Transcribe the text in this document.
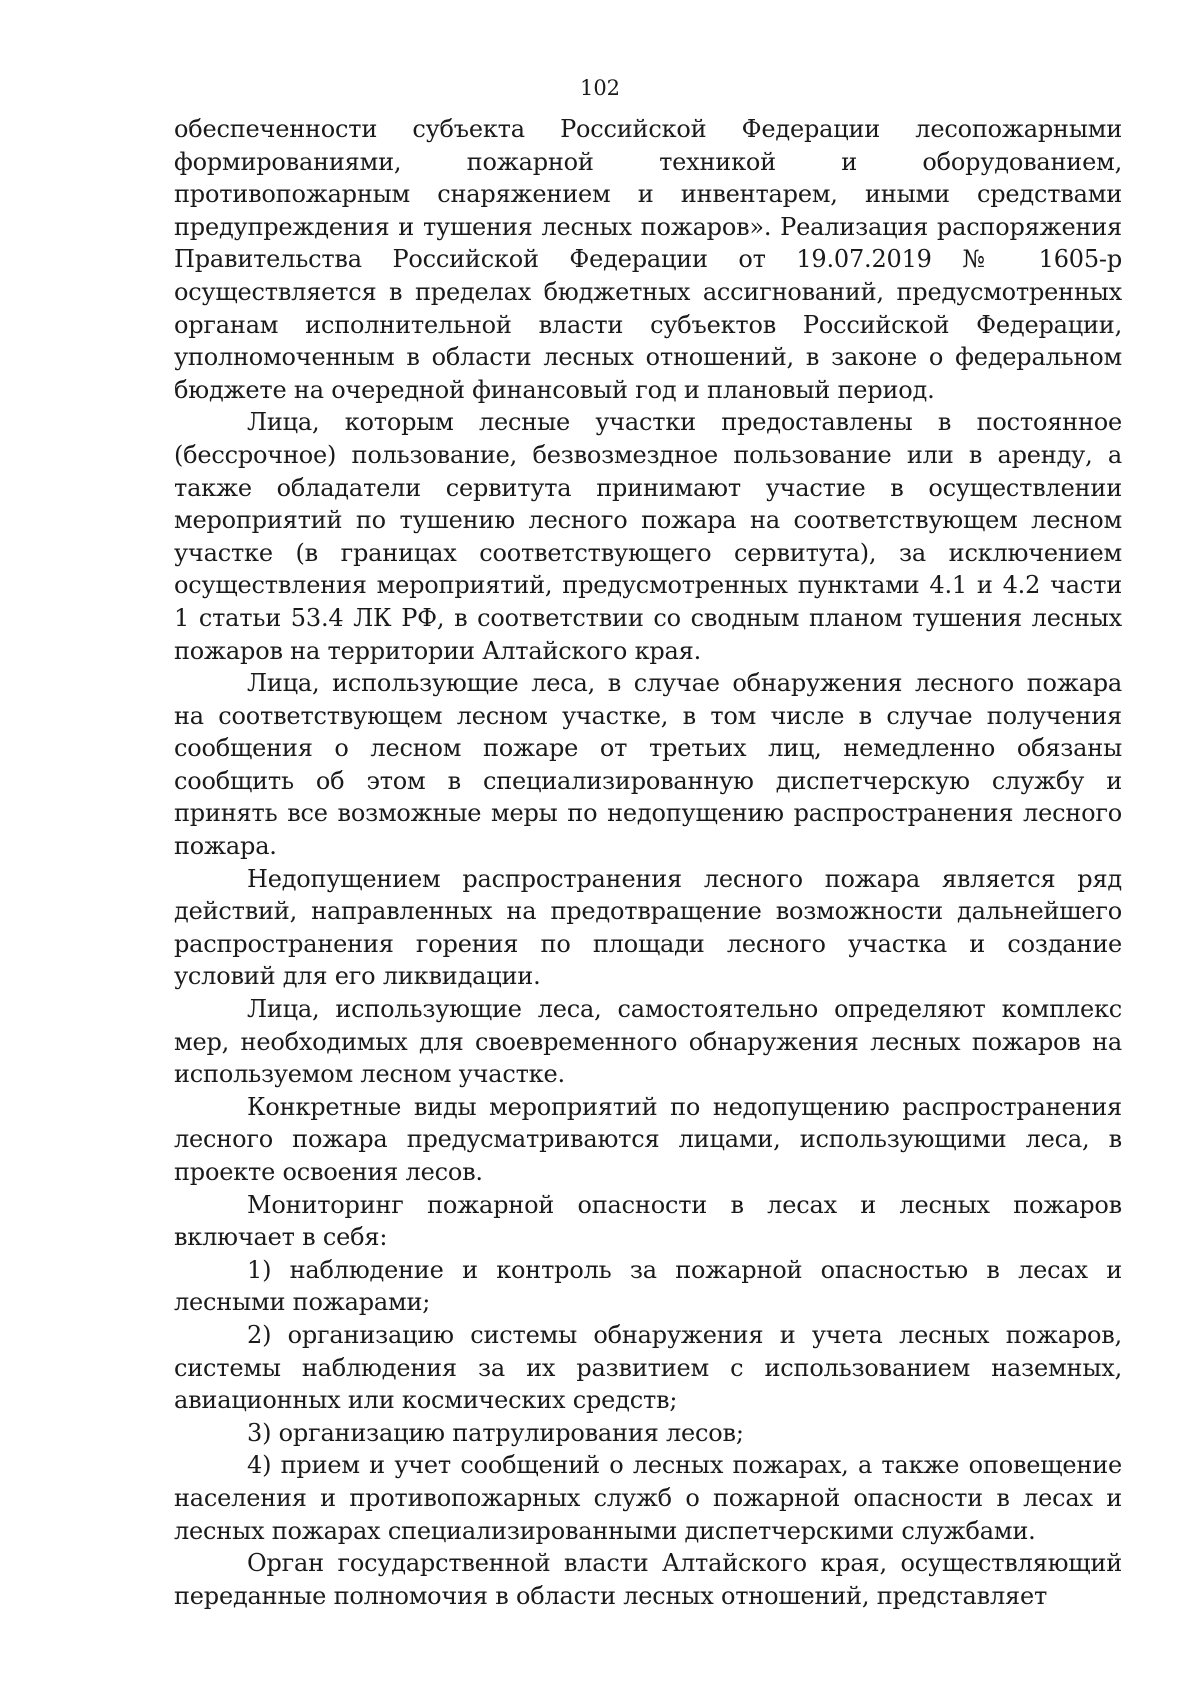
102

обеспеченности субъекта Российской Федерации лесопожарными формированиями, пожарной техникой и оборудованием, противопожарным снаряжением и инвентарем, иными средствами предупреждения и тушения лесных пожаров». Реализация распоряжения Правительства Российской Федерации от 19.07.2019 № 1605-р осуществляется в пределах бюджетных ассигнований, предусмотренных органам исполнительной власти субъектов Российской Федерации, уполномоченным в области лесных отношений, в законе о федеральном бюджете на очередной финансовый год и плановый период.

Лица, которым лесные участки предоставлены в постоянное (бессрочное) пользование, безвозмездное пользование или в аренду, а также обладатели сервитута принимают участие в осуществлении мероприятий по тушению лесного пожара на соответствующем лесном участке (в границах соответствующего сервитута), за исключением осуществления мероприятий, предусмотренных пунктами 4.1 и 4.2 части 1 статьи 53.4 ЛК РФ, в соответствии со сводным планом тушения лесных пожаров на территории Алтайского края.

Лица, использующие леса, в случае обнаружения лесного пожара на соответствующем лесном участке, в том числе в случае получения сообщения о лесном пожаре от третьих лиц, немедленно обязаны сообщить об этом в специализированную диспетчерскую службу и принять все возможные меры по недопущению распространения лесного пожара.

Недопущением распространения лесного пожара является ряд действий, направленных на предотвращение возможности дальнейшего распространения горения по площади лесного участка и создание условий для его ликвидации.

Лица, использующие леса, самостоятельно определяют комплекс мер, необходимых для своевременного обнаружения лесных пожаров на используемом лесном участке.

Конкретные виды мероприятий по недопущению распространения лесного пожара предусматриваются лицами, использующими леса, в проекте освоения лесов.

Мониторинг пожарной опасности в лесах и лесных пожаров включает в себя:

1) наблюдение и контроль за пожарной опасностью в лесах и лесными пожарами;

2) организацию системы обнаружения и учета лесных пожаров, системы наблюдения за их развитием с использованием наземных, авиационных или космических средств;

3) организацию патрулирования лесов;

4) прием и учет сообщений о лесных пожарах, а также оповещение населения и противопожарных служб о пожарной опасности в лесах и лесных пожарах специализированными диспетчерскими службами.

Орган государственной власти Алтайского края, осуществляющий переданные полномочия в области лесных отношений, представляет
